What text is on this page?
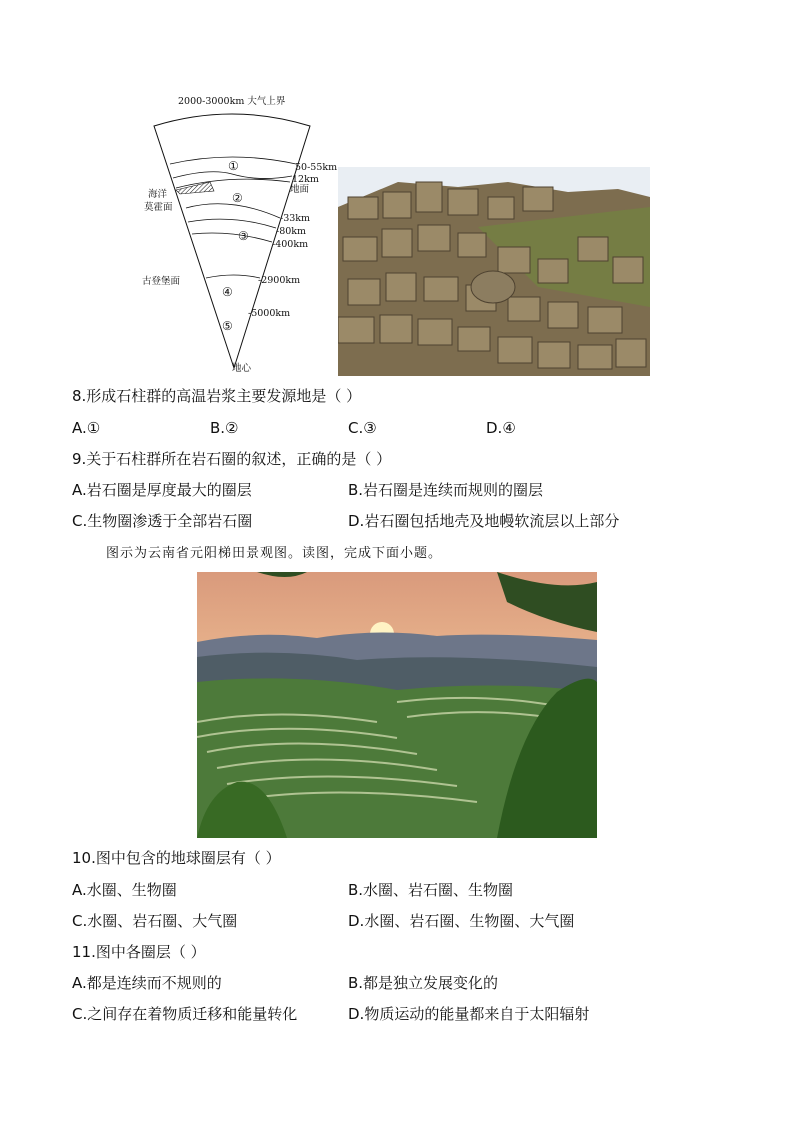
2000-3000km 大气上界
①
②
③
④
⑤
50-55km
12km
地面
-33km
-80km
-400km
-2900km
-5000km
海洋
莫霍面
古登堡面
地心
8.形成石柱群的高温岩浆主要发源地是（ ）
A.①	B.②	C.③	D.④
9.关于石柱群所在岩石圈的叙述，正确的是（ ）
A.岩石圈是厚度最大的圈层	B.岩石圈是连续而规则的圈层
C.生物圈渗透于全部岩石圈	D.岩石圈包括地壳及地幔软流层以上部分
图示为云南省元阳梯田景观图。读图，完成下面小题。
10.图中包含的地球圈层有（ ）
A.水圈、生物圈	B.水圈、岩石圈、生物圈
C.水圈、岩石圈、大气圈	D.水圈、岩石圈、生物圈、大气圈
11.图中各圈层（ ）
A.都是连续而不规则的	B.都是独立发展变化的
C.之间存在着物质迁移和能量转化	D.物质运动的能量都来自于太阳辐射
